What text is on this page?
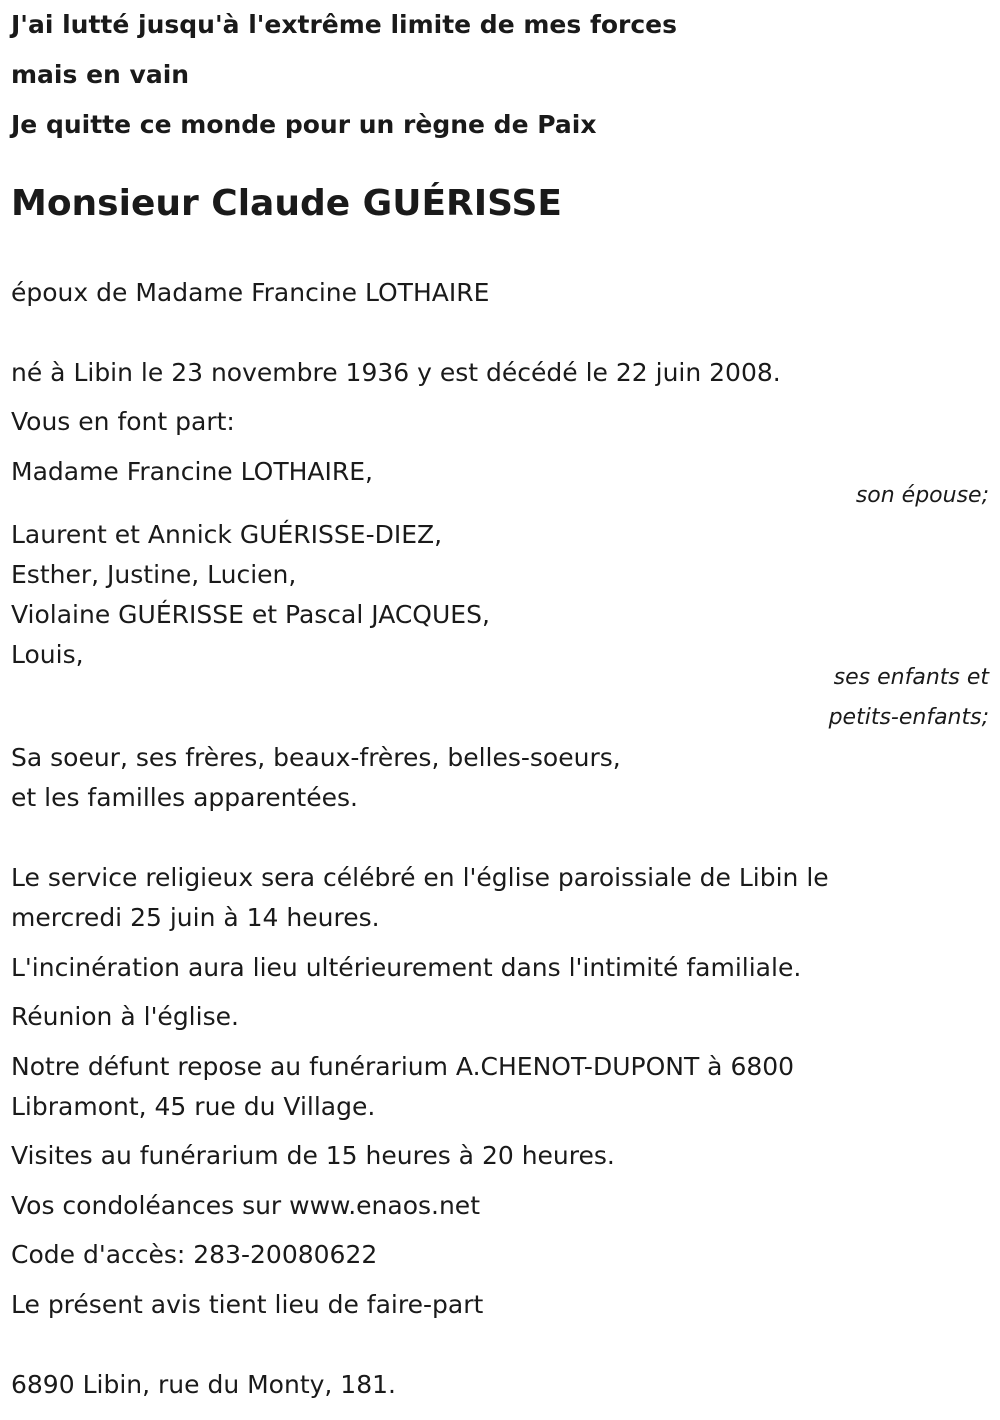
J'ai lutté jusqu'à l'extrême limite de mes forces

mais en vain

Je quitte ce monde pour un règne de Paix

Monsieur Claude GUÉRISSE

époux de Madame Francine LOTHAIRE

né à Libin le 23 novembre 1936 y est décédé le 22 juin 2008.

Vous en font part:

Madame Francine LOTHAIRE,

son épouse;

Laurent et Annick GUÉRISSE-DIEZ,

Esther, Justine, Lucien,

Violaine GUÉRISSE et Pascal JACQUES,

Louis,

ses enfants et

petits-enfants;

Sa soeur, ses frères, beaux-frères, belles-soeurs,

et les familles apparentées.

Le service religieux sera célébré en l'église paroissiale de Libin le

mercredi 25 juin à 14 heures.

L'incinération aura lieu ultérieurement dans l'intimité familiale.

Réunion à l'église.

Notre défunt repose au funérarium A.CHENOT-DUPONT à 6800

Libramont, 45 rue du Village.

Visites au funérarium de 15 heures à 20 heures.

Vos condoléances sur www.enaos.net

Code d'accès: 283-20080622

Le présent avis tient lieu de faire-part

6890 Libin, rue du Monty, 181.
